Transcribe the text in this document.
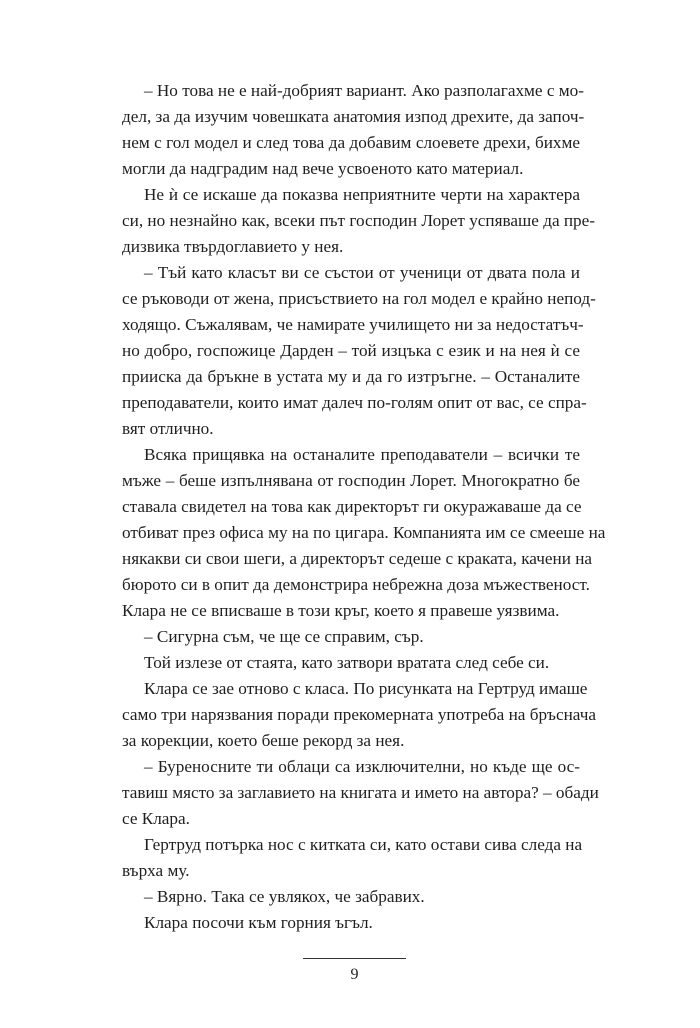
– Но това не е най-добрият вариант. Ако разполагахме с мо-
дел, за да изучим човешката анатомия изпод дрехите, да започ-
нем с гол модел и след това да добавим слоевете дрехи, бихме
могли да надградим над вече усвоеното като материал.
Не ѝ се искаше да показва неприятните черти на характера
си, но незнайно как, всеки път господин Лорет успяваше да пре-
дизвика твърдоглавието у нея.
– Тъй като класът ви се състои от ученици от двата пола и
се ръководи от жена, присъствието на гол модел е крайно непод-
ходящо. Съжалявам, че намирате училището ни за недостатъч-
но добро, госпожице Дарден – той изцъка с език и на нея ѝ се
прииска да бръкне в устата му и да го изтръгне. – Останалите
преподаватели, които имат далеч по-голям опит от вас, се спра-
вят отлично.
Всяка прищявка на останалите преподаватели – всички те
мъже – беше изпълнявана от господин Лорет. Многократно бе
ставала свидетел на това как директорът ги окуражаваше да се
отбиват през офиса му на по цигара. Компанията им се смееше на
някакви си свои шеги, а директорът седеше с краката, качени на
бюрото си в опит да демонстрира небрежна доза мъжественост.
Клара не се вписваше в този кръг, което я правеше уязвима.
– Сигурна съм, че ще се справим, сър.
Той излезе от стаята, като затвори вратата след себе си.
Клара се зае отново с класа. По рисунката на Гертруд имаше
само три нарязвания поради прекомерната употреба на бръснача
за корекции, което беше рекорд за нея.
– Буреносните ти облаци са изключителни, но къде ще ос-
тавиш място за заглавието на книгата и името на автора? – обади
се Клара.
Гертруд потърка нос с китката си, като остави сива следа на
върха му.
– Вярно. Така се увлякох, че забравих.
Клара посочи към горния ъгъл.
9
